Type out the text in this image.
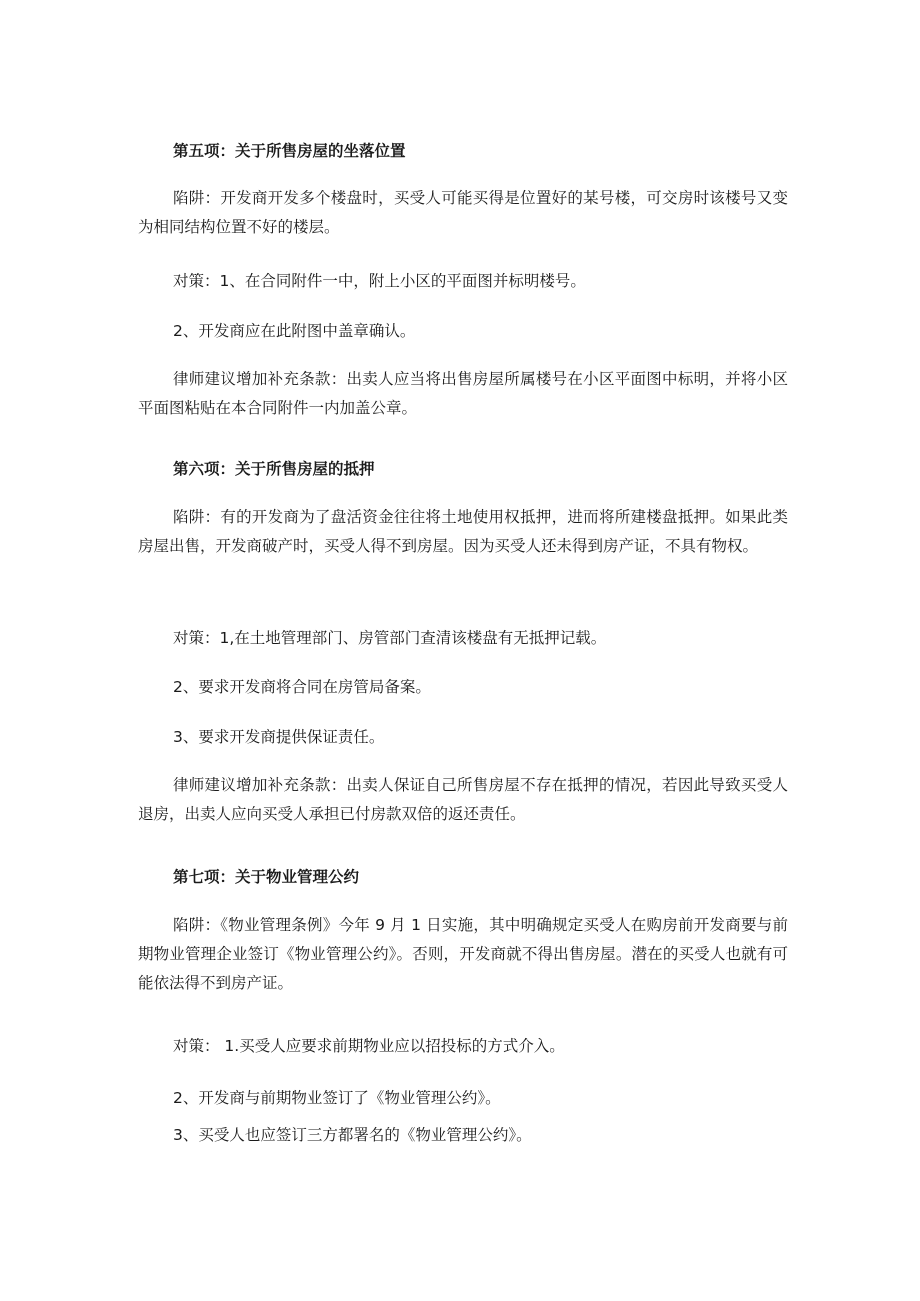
第五项：关于所售房屋的坐落位置

陷阱：开发商开发多个楼盘时，买受人可能买得是位置好的某号楼，可交房时该楼号又变为相同结构位置不好的楼层。

对策：1、在合同附件一中，附上小区的平面图并标明楼号。

2、开发商应在此附图中盖章确认。

律师建议增加补充条款：出卖人应当将出售房屋所属楼号在小区平面图中标明，并将小区平面图粘贴在本合同附件一内加盖公章。

第六项：关于所售房屋的抵押

陷阱：有的开发商为了盘活资金往往将土地使用权抵押，进而将所建楼盘抵押。如果此类房屋出售，开发商破产时，买受人得不到房屋。因为买受人还未得到房产证，不具有物权。

对策：1,在土地管理部门、房管部门查清该楼盘有无抵押记载。

2、要求开发商将合同在房管局备案。

3、要求开发商提供保证责任。

律师建议增加补充条款：出卖人保证自己所售房屋不存在抵押的情况，若因此导致买受人退房，出卖人应向买受人承担已付房款双倍的返还责任。

第七项：关于物业管理公约

陷阱：《物业管理条例》今年 9 月 1 日实施，其中明确规定买受人在购房前开发商要与前期物业管理企业签订《物业管理公约》。否则，开发商就不得出售房屋。潜在的买受人也就有可能依法得不到房产证。

对策： 1.买受人应要求前期物业应以招投标的方式介入。

2、开发商与前期物业签订了《物业管理公约》。

3、买受人也应签订三方都署名的《物业管理公约》。
